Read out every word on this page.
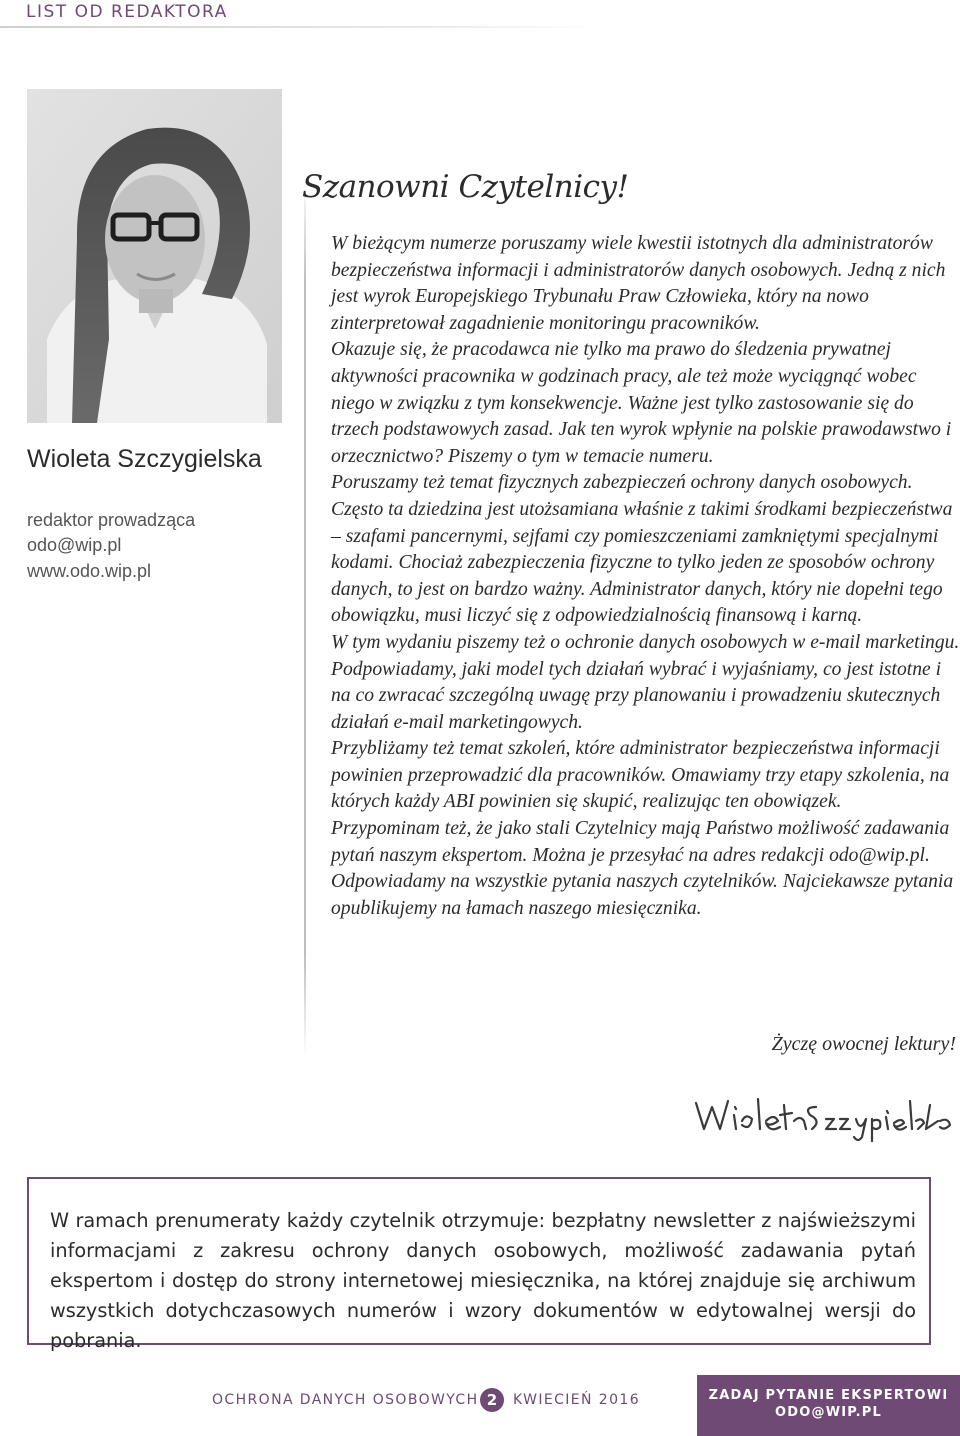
LIST OD REDAKTORA
Wioleta Szczygielska
redaktor prowadząca
odo@wip.pl
www.odo.wip.pl
Szanowni Czytelnicy!

W bieżącym numerze poruszamy wiele kwestii istotnych dla administratorów bezpieczeństwa informacji i administratorów danych osobowych. Jedną z nich jest wyrok Europejskiego Trybunału Praw Człowieka, który na nowo zinterpretował zagadnienie monitoringu pracowników.

Okazuje się, że pracodawca nie tylko ma prawo do śledzenia prywatnej aktywności pracownika w godzinach pracy, ale też może wyciągnąć wobec niego w związku z tym konsekwencje. Ważne jest tylko zastosowanie się do trzech podstawowych zasad. Jak ten wyrok wpłynie na polskie prawodawstwo i orzecznictwo? Piszemy o tym w temacie numeru.

Poruszamy też temat fizycznych zabezpieczeń ochrony danych osobowych. Często ta dziedzina jest utożsamiana właśnie z takimi środkami bezpieczeństwa – szafami pancernymi, sejfami czy pomieszczeniami zamkniętymi specjalnymi kodami. Chociaż zabezpieczenia fizyczne to tylko jeden ze sposobów ochrony danych, to jest on bardzo ważny. Administrator danych, który nie dopełni tego obowiązku, musi liczyć się z odpowiedzialnością finansową i karną.

W tym wydaniu piszemy też o ochronie danych osobowych w e-mail marketingu. Podpowiadamy, jaki model tych działań wybrać i wyjaśniamy, co jest istotne i na co zwracać szczególną uwagę przy planowaniu i prowadzeniu skutecznych działań e-mail marketingowych.

Przybliżamy też temat szkoleń, które administrator bezpieczeństwa informacji powinien przeprowadzić dla pracowników. Omawiamy trzy etapy szkolenia, na których każdy ABI powinien się skupić, realizując ten obowiązek.

Przypominam też, że jako stali Czytelnicy mają Państwo możliwość zadawania pytań naszym ekspertom. Można je przesyłać na adres redakcji odo@wip.pl. Odpowiadamy na wszystkie pytania naszych czytelników. Najciekawsze pytania opublikujemy na łamach naszego miesięcznika.

Życzę owocnej lektury!

W ramach prenumeraty każdy czytelnik otrzymuje: bezpłatny newsletter z najświeższymi informacjami z zakresu ochrony danych osobowych, możliwość zadawania pytań ekspertom i dostęp do strony internetowej miesięcznika, na której znajduje się archiwum wszystkich dotychczasowych numerów i wzory dokumentów w edytowalnej wersji do pobrania.

OCHRONA DANYCH OSOBOWYCH 2	KWIECIEŃ 2016	ZADAJ PYTANIE EKSPERTOWI
ODO@WIP.PL
